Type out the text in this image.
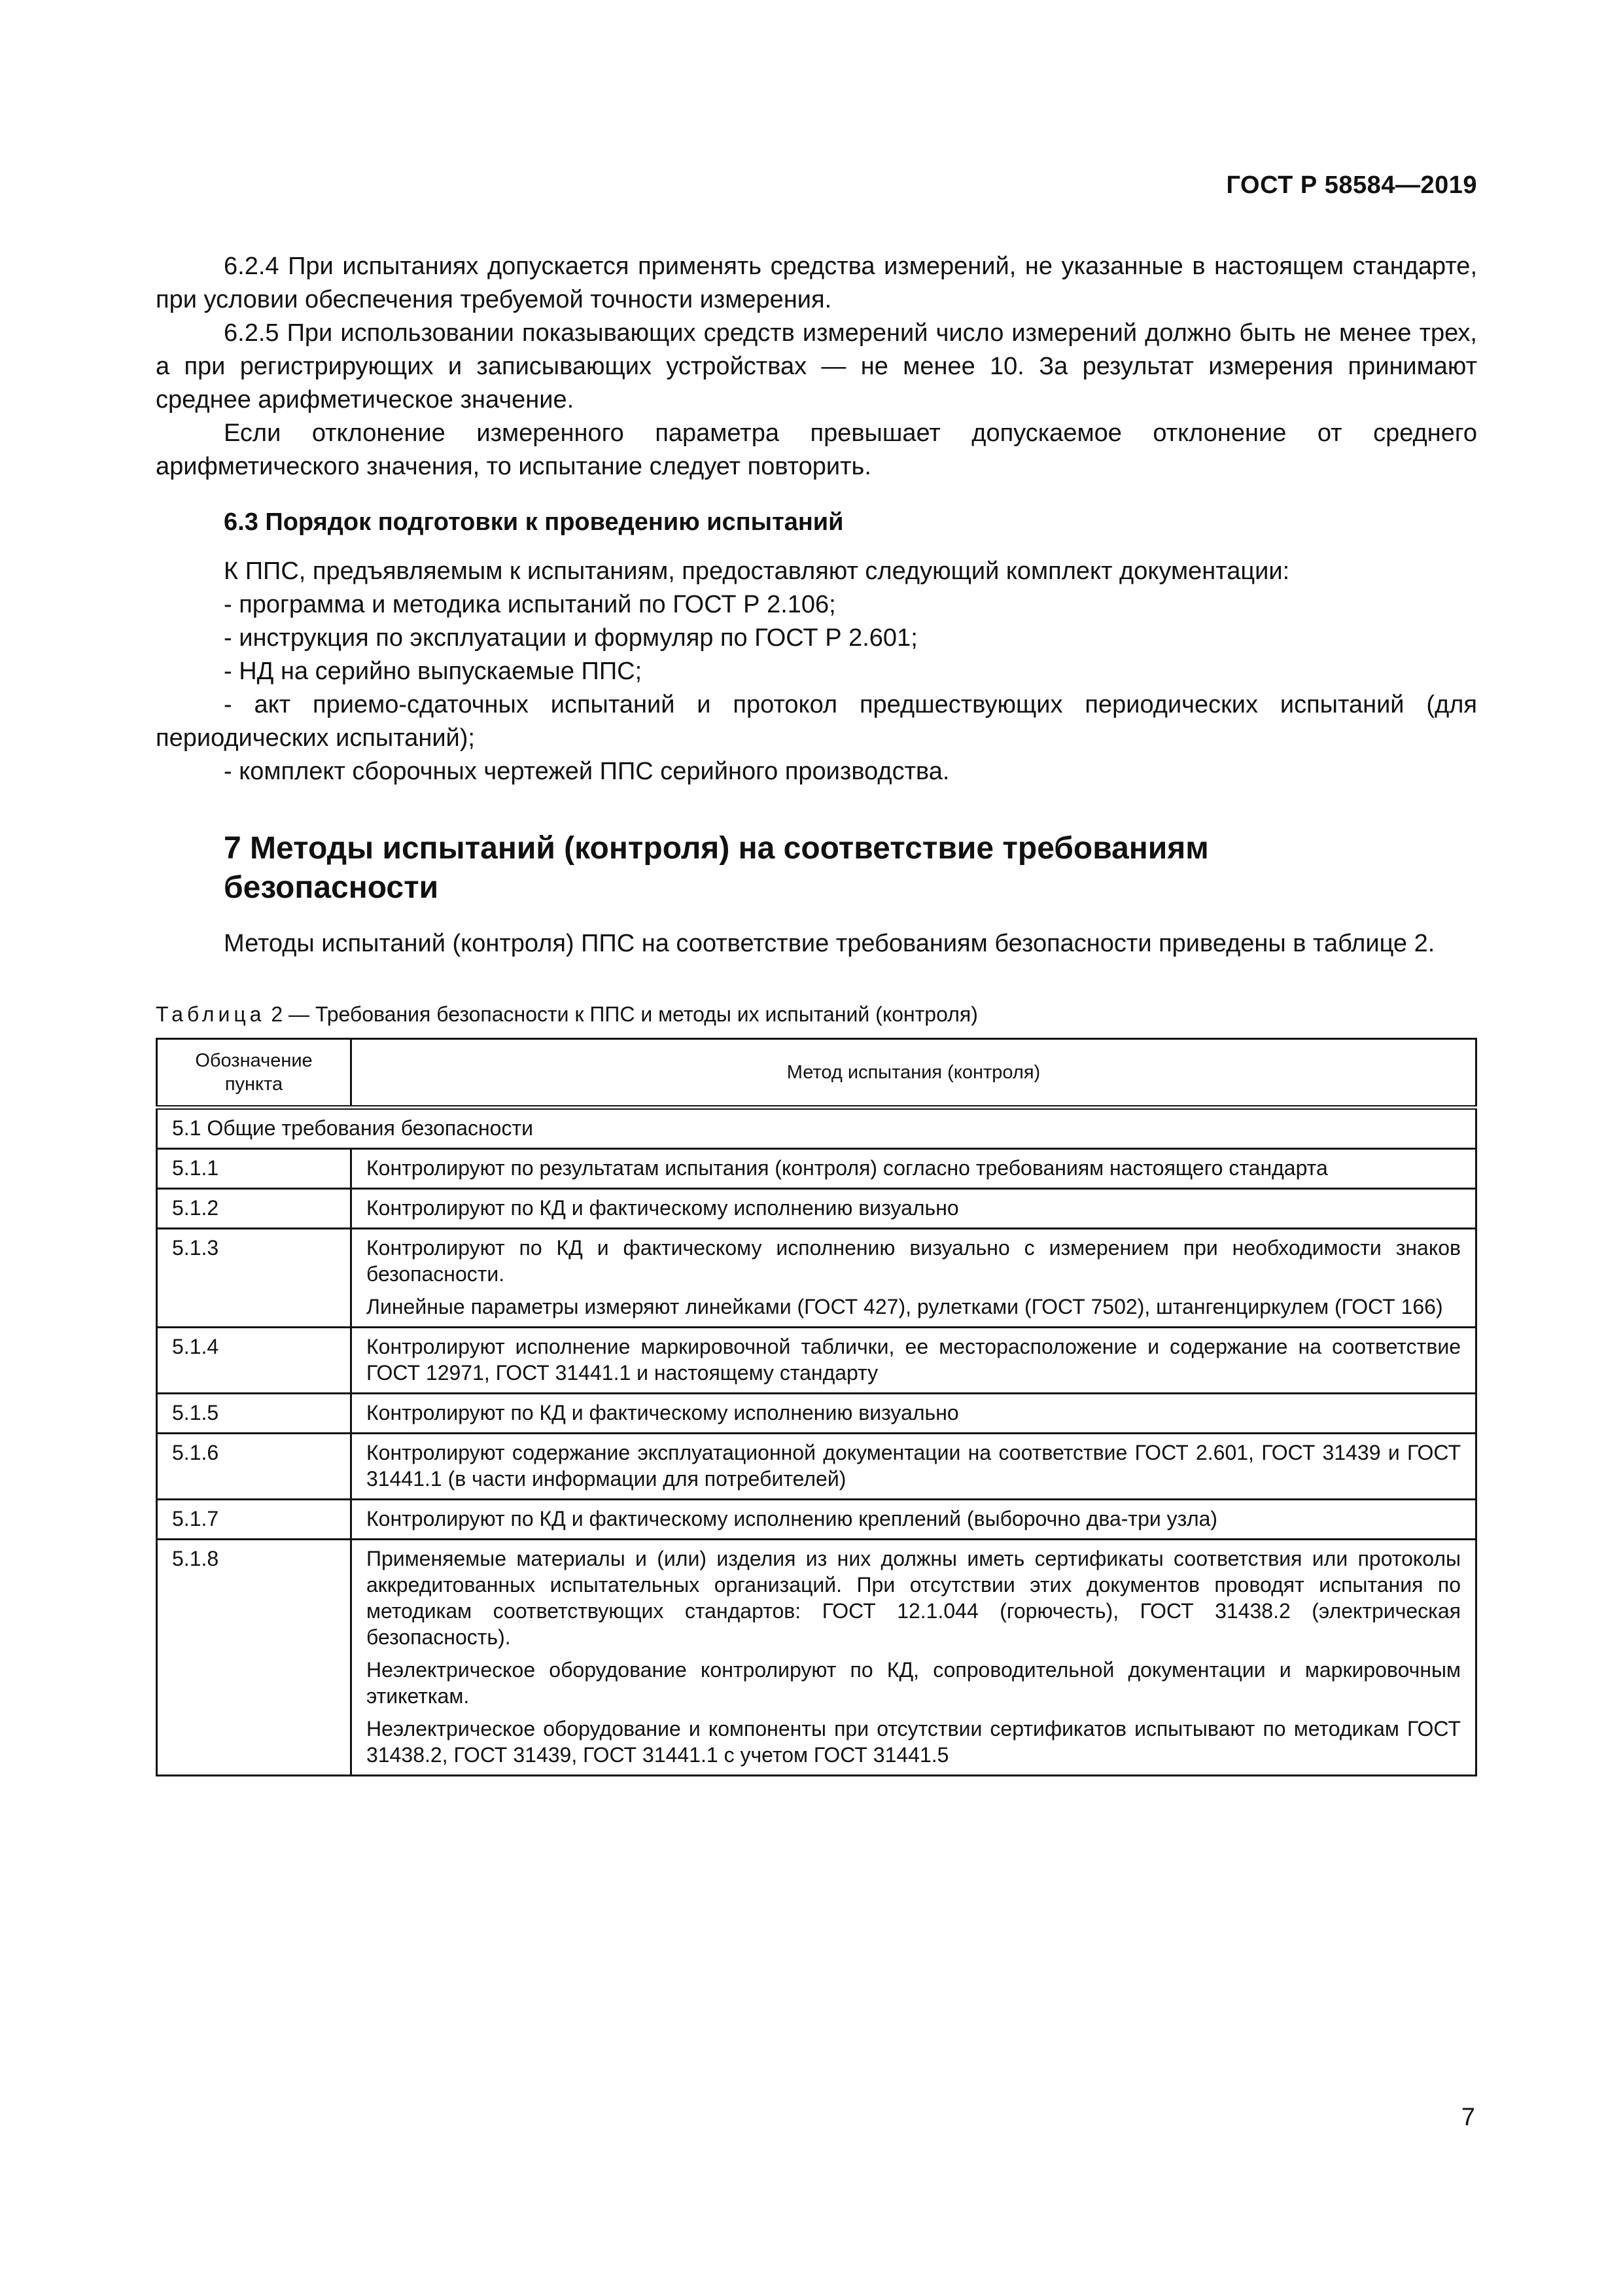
ГОСТ Р 58584—2019

6.2.4 При испытаниях допускается применять средства измерений, не указанные в настоящем стандарте, при условии обеспечения требуемой точности измерения.

6.2.5 При использовании показывающих средств измерений число измерений должно быть не менее трех, а при регистрирующих и записывающих устройствах — не менее 10. За результат измерения принимают среднее арифметическое значение.

Если отклонение измеренного параметра превышает допускаемое отклонение от среднего арифметического значения, то испытание следует повторить.

6.3 Порядок подготовки к проведению испытаний

К ППС, предъявляемым к испытаниям, предоставляют следующий комплект документации:

- программа и методика испытаний по ГОСТ Р 2.106;

- инструкция по эксплуатации и формуляр по ГОСТ Р 2.601;

- НД на серийно выпускаемые ППС;

- акт приемо-сдаточных испытаний и протокол предшествующих периодических испытаний (для периодических испытаний);

- комплект сборочных чертежей ППС серийного производства.

7 Методы испытаний (контроля) на соответствие требованиям безопасности

Методы испытаний (контроля) ППС на соответствие требованиям безопасности приведены в таблице 2.

Таблица 2 — Требования безопасности к ППС и методы их испытаний (контроля)
Обозначение пункта	Метод испытания (контроля)
5.1 Общие требования безопасности	
5.1.1	Контролируют по результатам испытания (контроля) согласно требованиям настоящего стандарта

5.1.2	Контролируют по КД и фактическому исполнению визуально

5.1.3	Контролируют по КД и фактическому исполнению визуально с измерением при необходимости знаков безопасности.

Линейные параметры измеряют линейками (ГОСТ 427), рулетками (ГОСТ 7502), штангенциркулем (ГОСТ 166)

5.1.4	Контролируют исполнение маркировочной таблички, ее месторасположение и содержание на соответствие ГОСТ 12971, ГОСТ 31441.1 и настоящему стандарту

5.1.5	Контролируют по КД и фактическому исполнению визуально

5.1.6	Контролируют содержание эксплуатационной документации на соответствие ГОСТ 2.601, ГОСТ 31439 и ГОСТ 31441.1 (в части информации для потребителей)

5.1.7	Контролируют по КД и фактическому исполнению креплений (выборочно два-три узла)

5.1.8	Применяемые материалы и (или) изделия из них должны иметь сертификаты соответствия или протоколы аккредитованных испытательных организаций. При отсутствии этих документов проводят испытания по методикам соответствующих стандартов: ГОСТ 12.1.044 (горючесть), ГОСТ 31438.2 (электрическая безопасность).

Неэлектрическое оборудование контролируют по КД, сопроводительной документации и маркировочным этикеткам.

Неэлектрическое оборудование и компоненты при отсутствии сертификатов испытывают по методикам ГОСТ 31438.2, ГОСТ 31439, ГОСТ 31441.1 с учетом ГОСТ 31441.5

7
